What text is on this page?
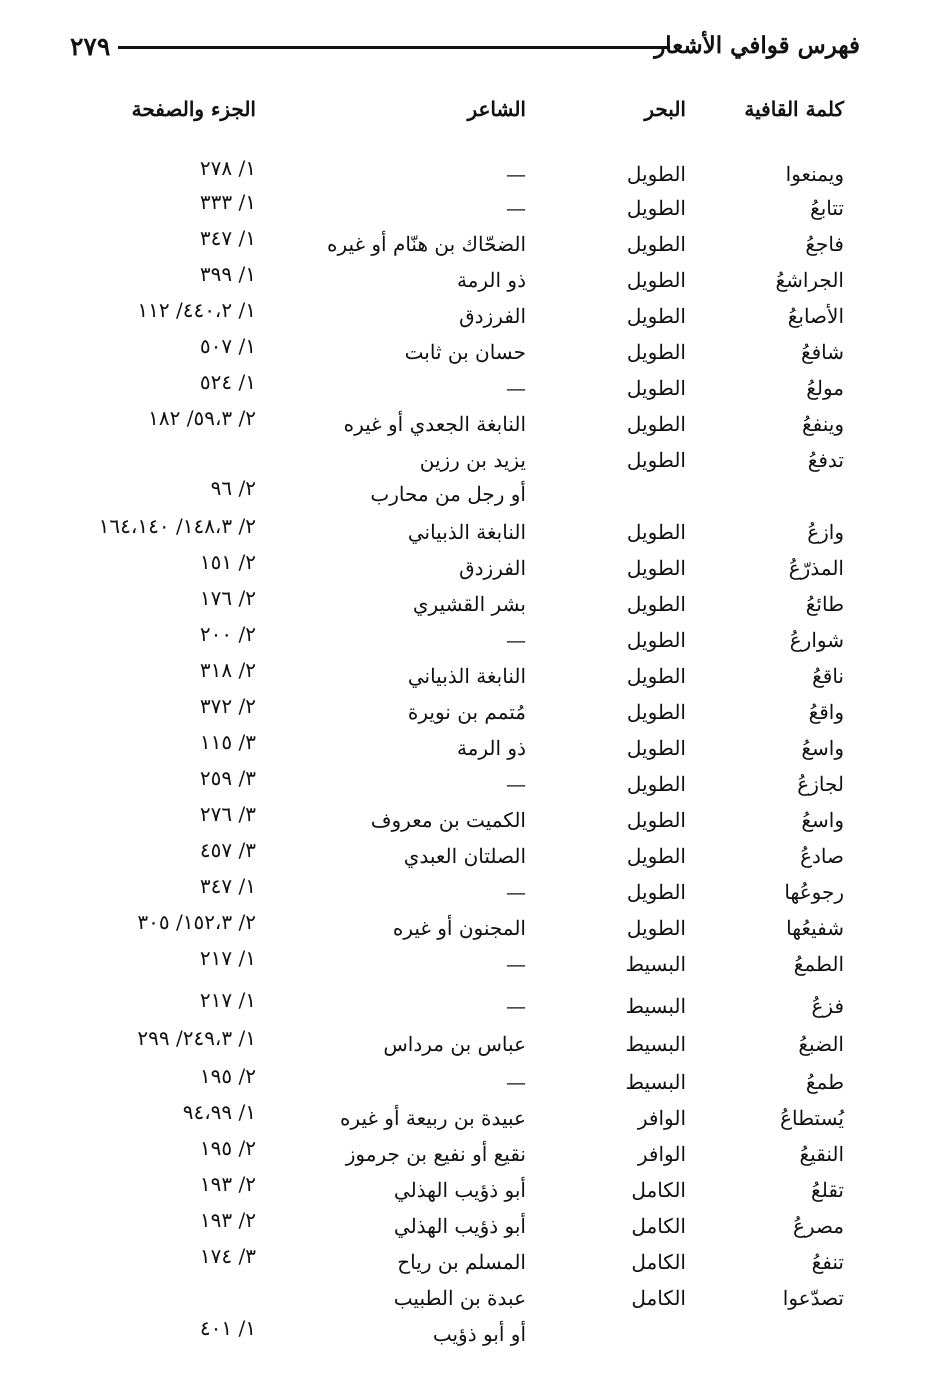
٢٧٩	فهرس قوافي الأشعار
كلمة القافية
البحر
الشاعر
الجزء والصفحة
ويمنعوا
الطويل
—
١/ ٢٧٨
تتابعُ
الطويل
—
١/ ٣٣٣
فاجعُ
الطويل
الضحّاك بن هنّام أو غيره
١/ ٣٤٧
الجراشعُ
الطويل
ذو الرمة
١/ ٣٩٩
الأصابعُ
الطويل
الفرزدق
١/ ٤٤٠،٢/ ١١٢
شافعُ
الطويل
حسان بن ثابت
١/ ٥٠٧
مولعُ
الطويل
—
١/ ٥٢٤
وينفعُ
الطويل
النابغة الجعدي أو غيره
٢/ ٥٩،٣/ ١٨٢
تدفعُ
الطويل
يزيد بن رزين
أو رجل من محارب
٢/ ٩٦
وازعُ
الطويل
النابغة الذبياني
٢/ ١٤٨،٣/ ١٦٤،١٤٠
المذرّعُ
الطويل
الفرزدق
٢/ ١٥١
طائعُ
الطويل
بشر القشيري
٢/ ١٧٦
شوارعُ
الطويل
—
٢/ ٢٠٠
ناقعُ
الطويل
النابغة الذبياني
٢/ ٣١٨
واقعُ
الطويل
مُتمم بن نويرة
٢/ ٣٧٢
واسعُ
الطويل
ذو الرمة
٣/ ١١٥
لجازعُ
الطويل
—
٣/ ٢٥٩
واسعُ
الطويل
الكميت بن معروف
٣/ ٢٧٦
صادعُ
الطويل
الصلتان العبدي
٣/ ٤٥٧
رجوعُها
الطويل
—
١/ ٣٤٧
شفيعُها
الطويل
المجنون أو غيره
٢/ ١٥٢،٣/ ٣٠٥
الطمعُ
البسيط
—
١/ ٢١٧
فزعُ
البسيط
—
١/ ٢١٧
الضبعُ
البسيط
عباس بن مرداس
١/ ٢٤٩،٣/ ٢٩٩
طمعُ
البسيط
—
٢/ ١٩٥
يُستطاعُ
الوافر
عبيدة بن ربيعة أو غيره
١/ ٩٤،٩٩
النقيعُ
الوافر
نقيع أو نفيع بن جرموز
٢/ ١٩٥
تقلعُ
الكامل
أبو ذؤيب الهذلي
٢/ ١٩٣
مصرعُ
الكامل
أبو ذؤيب الهذلي
٢/ ١٩٣
تنفعُ
الكامل
المسلم بن رياح
٣/ ١٧٤
تصدّعوا
الكامل
عبدة بن الطبيب
أو أبو ذؤيب
١/ ٤٠١
